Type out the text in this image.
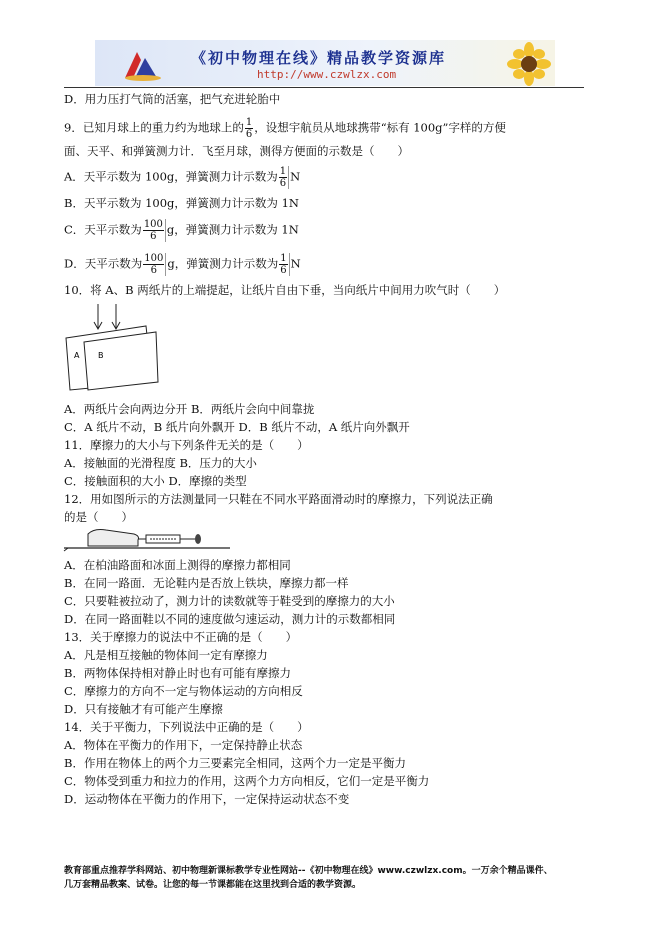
《初中物理在线》精品教学资源库
http://www.czwlzx.com
D．用力压打气筒的活塞，把气充进轮胎中
9．已知月球上的重力约为地球上的 $\frac{1}{6}$ ，设想宇航员从地球携带“标有 100g”字样的方便
面、天平、和弹簧测力计．飞至月球，测得方便面的示数是（　　）
A．天平示数为 100g，弹簧测力计示数为 $\frac{1}{6}$ N
B．天平示数为 100g，弹簧测力计示数为 1N
C．天平示数为 $\frac{100}{6}$ g，弹簧测力计示数为 1N
D．天平示数为 $\frac{100}{6}$ g，弹簧测力计示数为 $\frac{1}{6}$ N
10．将 A、B 两纸片的上端提起，让纸片自由下垂，当向纸片中间用力吹气时（　　）
A B
A．两纸片会向两边分开 B．两纸片会向中间靠拢
C．A 纸片不动，B 纸片向外飘开 D．B 纸片不动，A 纸片向外飘开
11．摩擦力的大小与下列条件无关的是（　　）
A．接触面的光滑程度 B．压力的大小
C．接触面积的大小 D．摩擦的类型
12．用如图所示的方法测量同一只鞋在不同水平路面滑动时的摩擦力，下列说法正确
的是（　　）
A．在柏油路面和冰面上测得的摩擦力都相同
B．在同一路面．无论鞋内是否放上铁块，摩擦力都一样
C．只要鞋被拉动了，测力计的读数就等于鞋受到的摩擦力的大小
D．在同一路面鞋以不同的速度做匀速运动，测力计的示数都相同
13．关于摩擦力的说法中不正确的是（　　）
A．凡是相互接触的物体间一定有摩擦力
B．两物体保持相对静止时也有可能有摩擦力
C．摩擦力的方向不一定与物体运动的方向相反
D．只有接触才有可能产生摩擦
14．关于平衡力，下列说法中正确的是（　　）
A．物体在平衡力的作用下，一定保持静止状态
B．作用在物体上的两个力三要素完全相同，这两个力一定是平衡力
C．物体受到重力和拉力的作用，这两个力方向相反，它们一定是平衡力
D．运动物体在平衡力的作用下，一定保持运动状态不变
教育部重点推荐学科网站、初中物理新课标教学专业性网站--《初中物理在线》www.czwlzx.com。一万余个精品课件、
几万套精品教案、试卷。让您的每一节课都能在这里找到合适的教学资源。
